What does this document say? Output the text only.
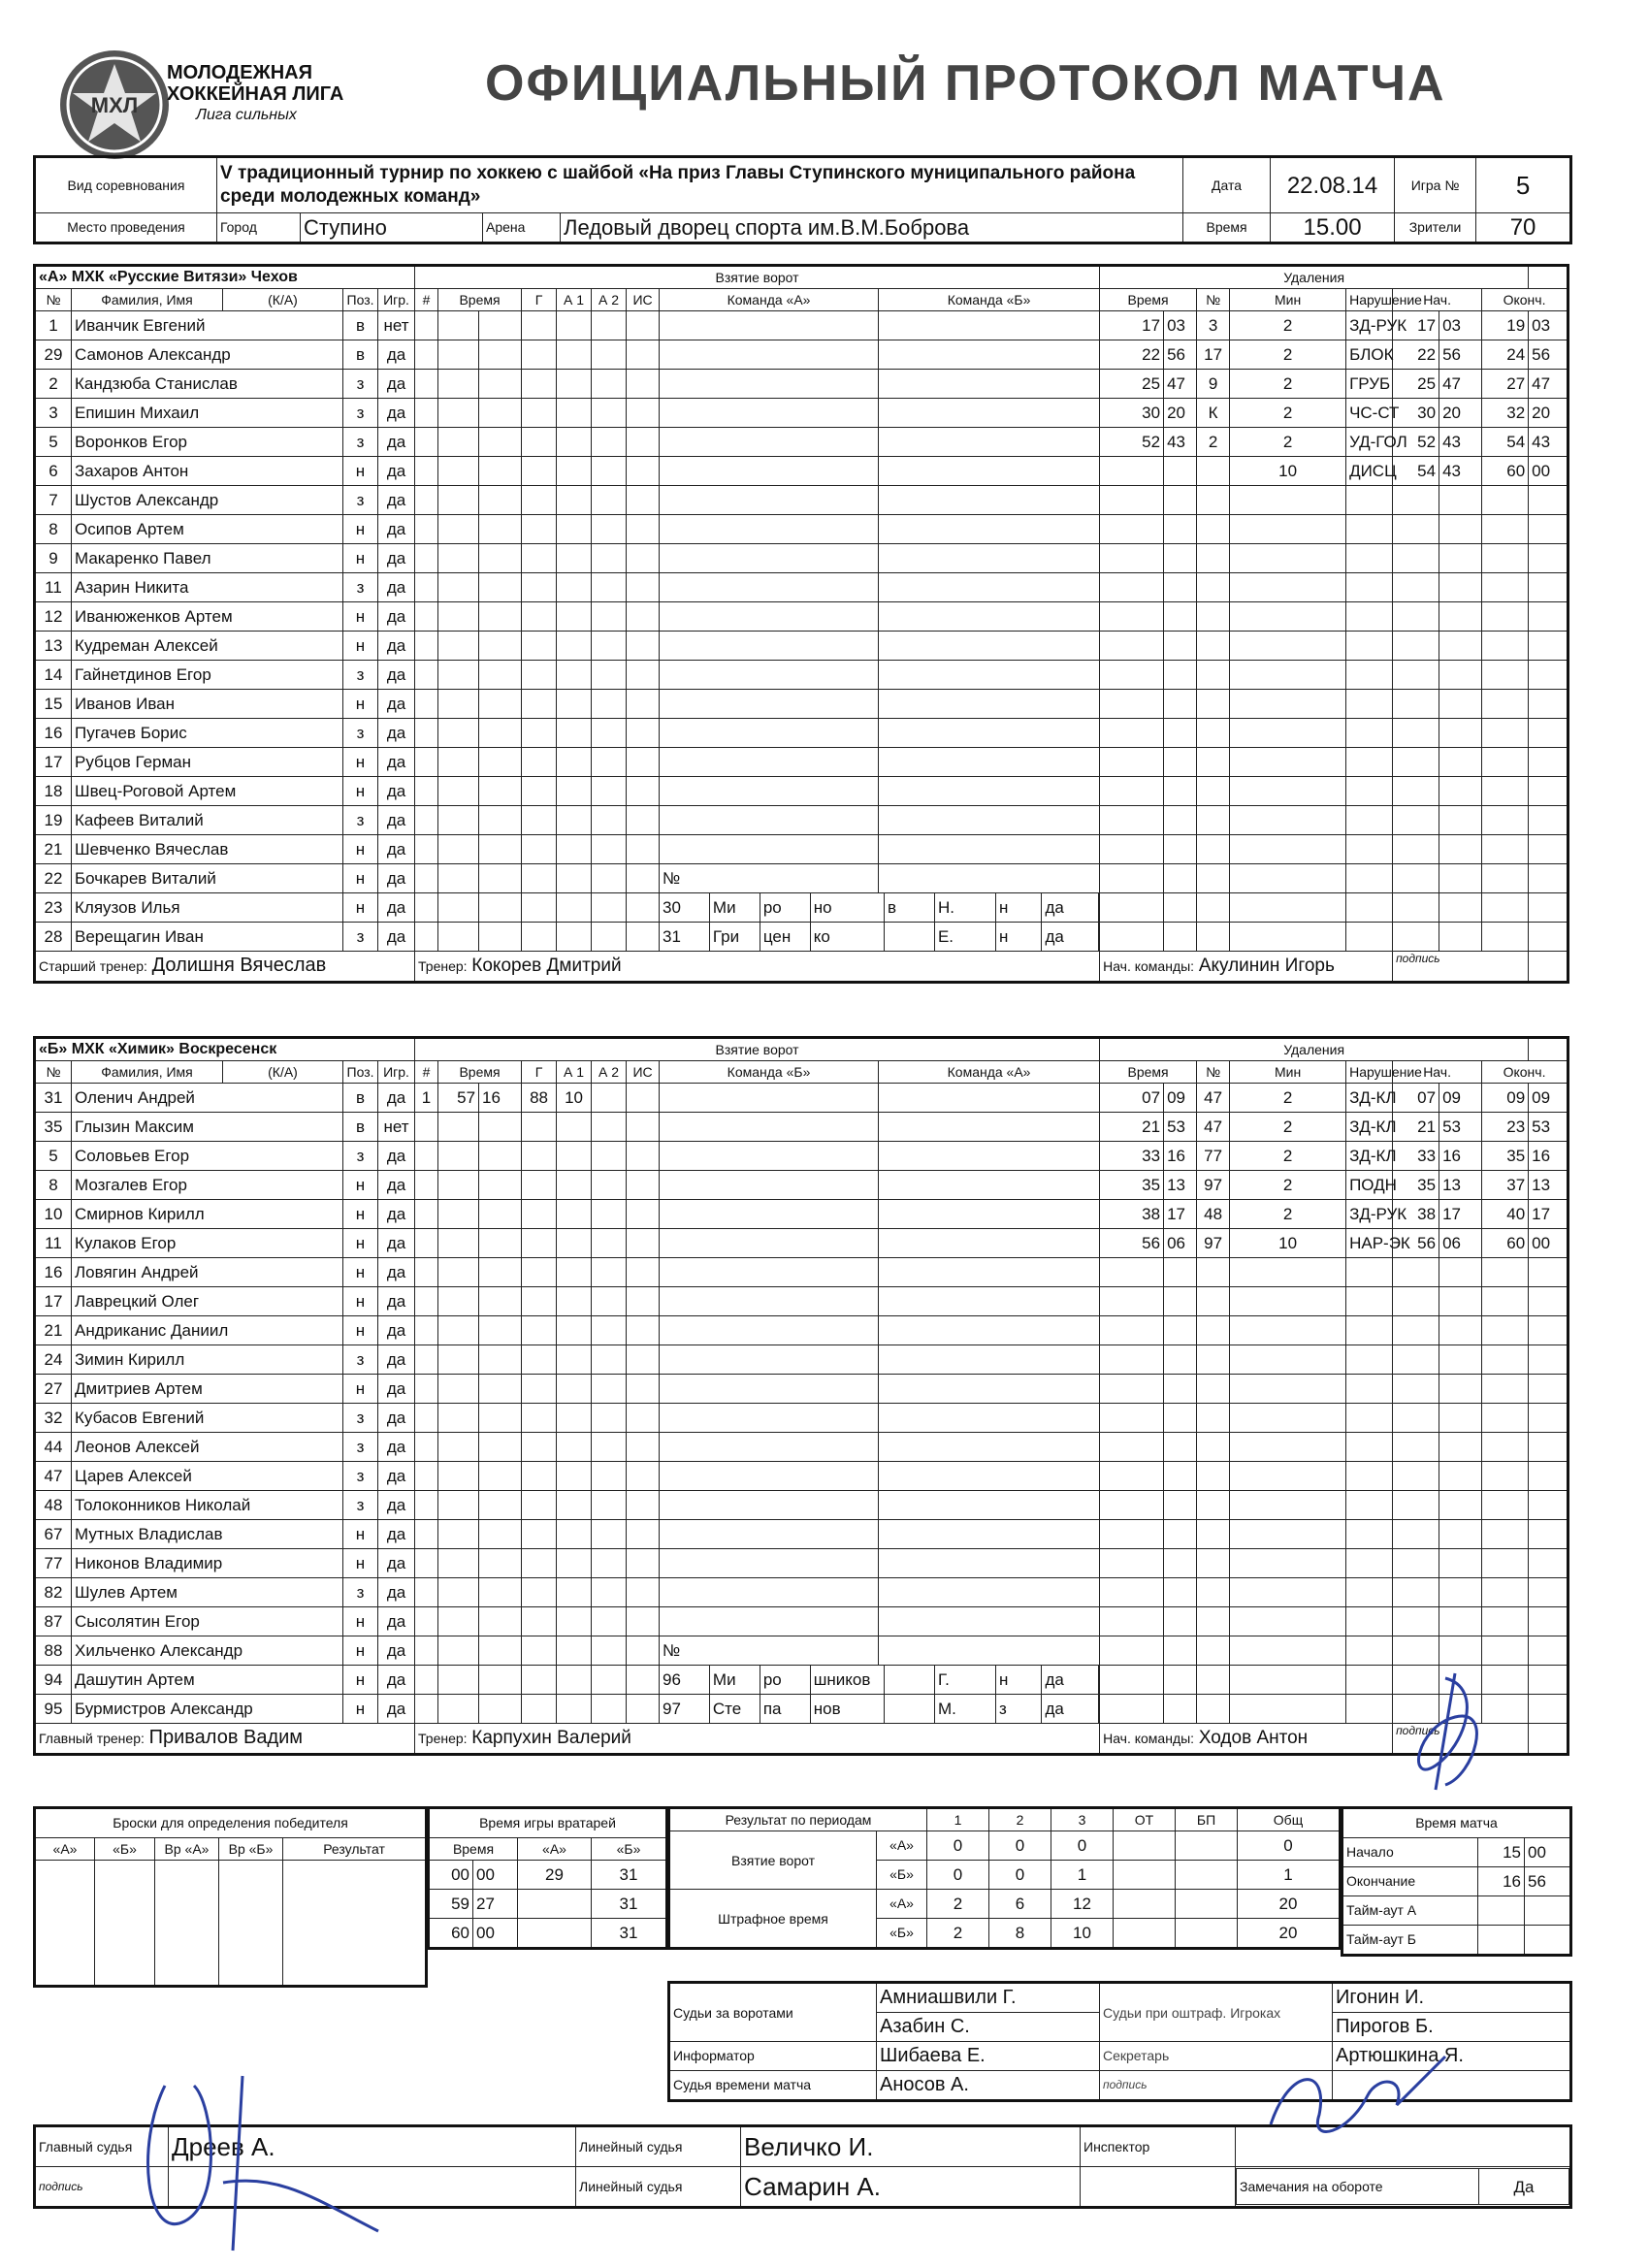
МХЛ
МОЛОДЕЖНАЯ
ХОККЕЙНАЯ ЛИГА
Лига сильных
ОФИЦИАЛЬНЫЙ ПРОТОКОЛ МАТЧА
Вид соревнования	V традиционный турнир по хоккею с шайбой «На приз Главы Ступинского муниципального района среди молодежных команд»				Дата	22.08.14	Игра №	5
Место проведения	Город	Ступино	Арена	Ледовый дворец спорта им.В.М.Боброва	Время	15.00	Зрители	70
«А» МХК «Русские Витязи» Чехов	Взятие ворот	Удаления
№	Фамилия, Имя	(К/А)	Поз.	Игр.	#	Время	Г	А 1	А 2	ИС	Команда «А»	Команда «Б»	Время	№	Мин	Нарушение	Нач.	Оконч.
1	Иванчик Евгений	в	нет										17	03	3	2	ЗД-РУК	17	03	19	03
29	Самонов Александр	в	да										22	56	17	2	БЛОК	22	56	24	56
2	Кандзюба Станислав	з	да										25	47	9	2	ГРУБ	25	47	27	47
3	Епишин Михаил	з	да										30	20	К	2	ЧС-СТ	30	20	32	20
5	Воронков Егор	з	да										52	43	2	2	УД-ГОЛ	52	43	54	43
6	Захаров Антон	н	да													10	ДИСЦ	54	43	60	00
7	Шустов Александр	з	да																		
8	Осипов Артем	н	да																		
9	Макаренко Павел	н	да																		
11	Азарин Никита	з	да																		
12	Иванюженков Артем	н	да																		
13	Кудреман Алексей	н	да																		
14	Гайнетдинов Егор	з	да																		
15	Иванов Иван	н	да																		
16	Пугачев Борис	з	да																		
17	Рубцов Герман	н	да																		
18	Швец-Роговой Артем	н	да																		
19	Кафеев Виталий	з	да																		
21	Шевченко Вячеслав	н	да																		
22	Бочкарев Виталий	н	да								№										
23	Кляузов Илья	н	да									30	Ми	ро	но	в	Н.	н	да

28	Верещагин Иван	з	да									31	Гри	цен	ко		Е.	н	да

Старший тренер: Долишня Вячеслав	Тренер: Кокорев Дмитрий	Нач. команды: Акулинин Игорь	подпись
«Б» МХК «Химик» Воскресенск	Взятие ворот	Удаления
№	Фамилия, Имя	(К/А)	Поз.	Игр.	#	Время	Г	А 1	А 2	ИС	Команда «Б»	Команда «А»	Время	№	Мин	Нарушение	Нач.	Оконч.
31	Оленич Андрей	в	да	1	57	16	88	10					07	09	47	2	ЗД-КЛ	07	09	09	09
35	Глызин Максим	в	нет										21	53	47	2	ЗД-КЛ	21	53	23	53
5	Соловьев Егор	з	да										33	16	77	2	ЗД-КЛ	33	16	35	16
8	Мозгалев Егор	н	да										35	13	97	2	ПОДН	35	13	37	13
10	Смирнов Кирилл	н	да										38	17	48	2	ЗД-РУК	38	17	40	17
11	Кулаков Егор	н	да										56	06	97	10	НАР-ЭК	56	06	60	00
16	Ловягин Андрей	н	да																		
17	Лаврецкий Олег	н	да																		
21	Андриканис Даниил	н	да																		
24	Зимин Кирилл	з	да																		
27	Дмитриев Артем	н	да																		
32	Кубасов Евгений	з	да																		
44	Леонов Алексей	з	да																		
47	Царев Алексей	з	да																		
48	Толоконников Николай	з	да																		
67	Мутных Владислав	н	да																		
77	Никонов Владимир	н	да																		
82	Шулев Артем	з	да																		
87	Сысолятин Егор	н	да																		
88	Хильченко Александр	н	да								№										
94	Дашутин Артем	н	да									96	Ми	ро	шников		Г.	н	да

95	Бурмистров Александр	н	да									97	Сте	па	нов		М.	з	да

Главный тренер: Привалов Вадим	Тренер: Карпухин Валерий	Нач. команды: Ходов Антон	подпись
Броски для определения победителя				
«А»	«Б»	Вр «А»	Вр «Б»	Результат

Время игры вратарей			
Время		«А»	«Б»
00	00	29	31
59	27		31
60	00		31
Результат по периодам		1	2	3	ОТ	БП	Общ
Взятие ворот	«А»	0	0	0			0
	«Б»	0	0	1			1
Штрафное время	«А»	2	6	12			20
	«Б»	2	8	10			20
Время матча		
Начало	15	00
Окончание	16	56
Тайм-аут А		
Тайм-аут Б		
Судьи за воротами	Амниашвили Г.	Судьи при оштраф. Игроках	Игонин И.
	Азабин С.		Пирогов Б.
Информатор	Шибаева Е.	Секретарь	Артюшкина Я.
Судья времени матча	Аносов А.	подпись	
Главный судья	Дреев А.	Линейный судья	Величко И.	Инспектор	
подпись		Линейный судья	Самарин А.			Замечания на обороте	Да
